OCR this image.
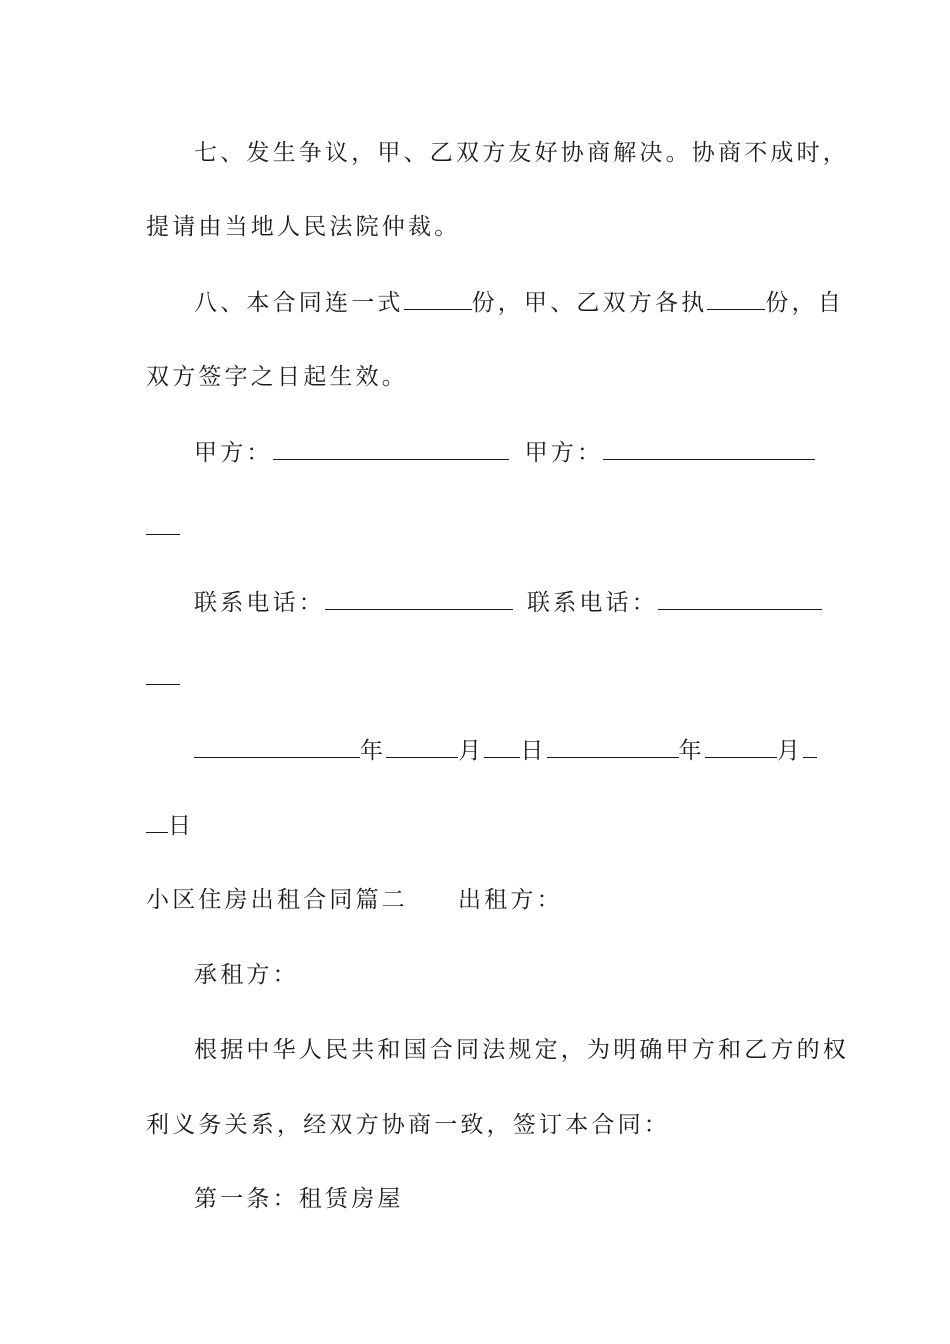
七、发生争议，甲、乙双方友好协商解决。协商不成时，
提请由当地人民法院仲裁。
八、本合同连一式	份，甲、乙双方各执	份，自
双方签字之日起生效。
甲方：	甲方：
联系电话：	联系电话：
年	月 日	年	月
日
小区住房出租合同篇二 出租方：
承租方：
根据中华人民共和国合同法规定，为明确甲方和乙方的权
利义务关系，经双方协商一致，签订本合同：
第一条：租赁房屋
